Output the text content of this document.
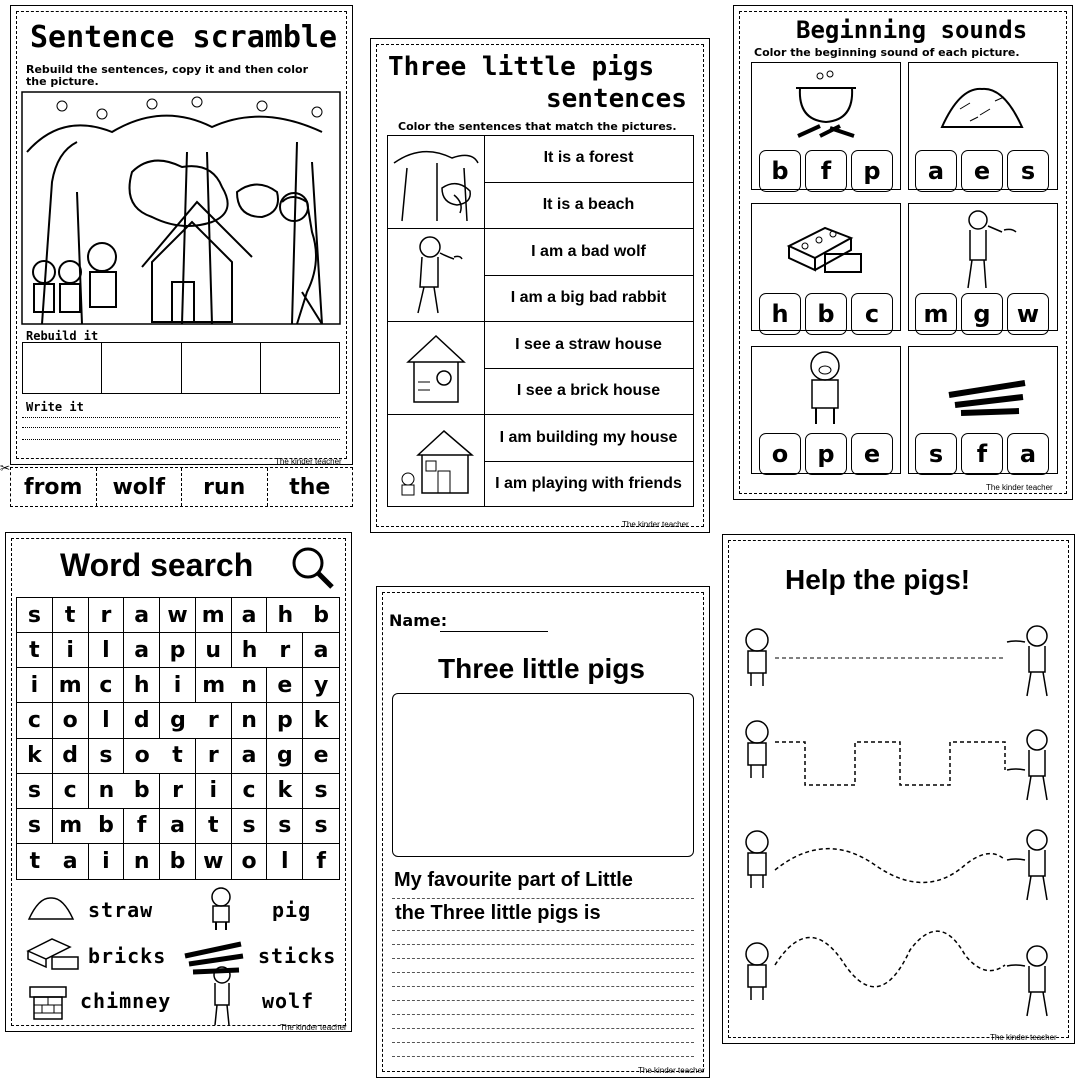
Sentence scramble
Rebuild the sentences, copy it and then color the picture.
Rebuild it
Write it
The kinder teacher
✂
from	wolf	run	the
Three little pigs
sentences
Color the sentences that match the pictures.
It is a forest
It is a beach
I am a bad wolf
I am a big bad rabbit
I see a straw house
I see a brick house
I am building my house
I am playing with friends
The kinder teacher
Beginning sounds
Color the beginning sound of each picture.
b	f	p	a	e	s
h	b	c	m	g	w
o	p	e	s	f	a
The kinder teacher
Word search
s	t	r	a w m a h b
t	i	l	a p u h	r	a
i m c h	i m n e y
c o	l	d g r	n p k
k d s	o	t	r	a g e
s	c n b	r	i	c k	s
s m b	f	a	t	s	s	s
t	a	i	n b w o	l	f
straw	pig
bricks	sticks
chimney	wolf
The kinder teacher
Name:
Three little pigs
My favourite part of Little
the Three little pigs is
The kinder teacher
Help the pigs!
The kinder teacher
